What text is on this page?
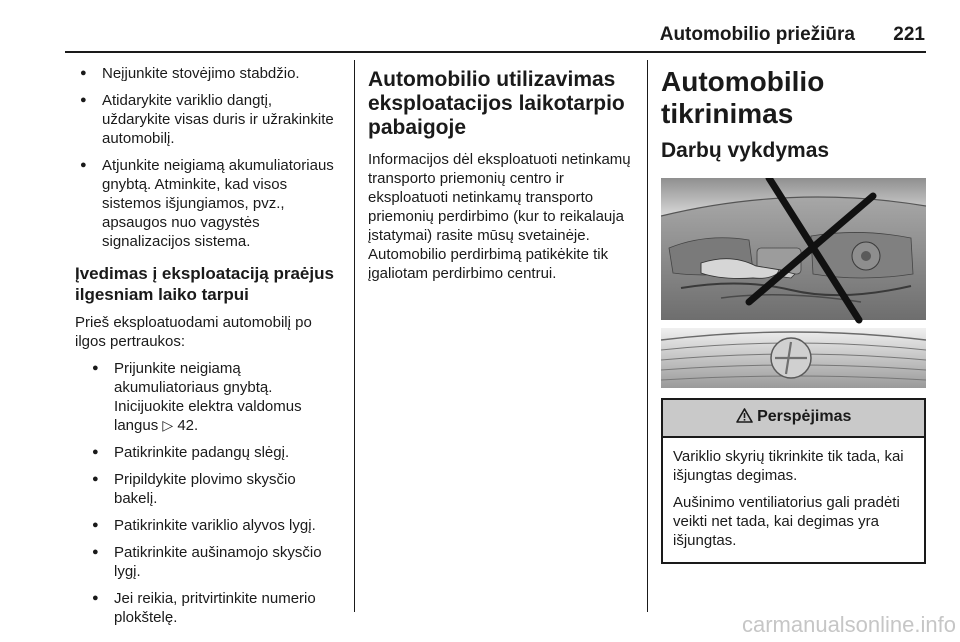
Automobilio priežiūra	221
● Neįjunkite stovėjimo stabdžio.
● Atidarykite variklio dangtį, uždarykite visas duris ir užrakinkite automobilį.
● Atjunkite neigiamą akumuliatoriaus gnybtą. Atminkite, kad visos sistemos išjungiamos, pvz., apsaugos nuo vagystės signalizacijos sistema.
Įvedimas į eksploataciją praėjus ilgesniam laiko tarpui

Prieš eksploatuodami automobilį po ilgos pertraukos:

● Prijunkite neigiamą akumuliatoriaus gnybtą. Inicijuokite elektra valdomus langus ▷ 42.
● Patikrinkite padangų slėgį.
● Pripildykite plovimo skysčio bakelį.
● Patikrinkite variklio alyvos lygį.
● Patikrinkite aušinamojo skysčio lygį.
● Jei reikia, pritvirtinkite numerio plokštelę.
Automobilio utilizavimas eksploatacijos laikotarpio pabaigoje

Informacijos dėl eksploatuoti netinkamų transporto priemonių centro ir eksploatuoti netinkamų transporto priemonių perdirbimo (kur to reikalauja įstatymai) rasite mūsų svetainėje. Automobilio perdirbimą patikėkite tik įgaliotam perdirbimo centrui.

Automobilio tikrinimas
Darbų vykdymas
Perspėjimas

Variklio skyrių tikrinkite tik tada, kai išjungtas degimas.

Aušinimo ventiliatorius gali pradėti veikti net tada, kai degimas yra išjungtas.

carmanualsonline.info
